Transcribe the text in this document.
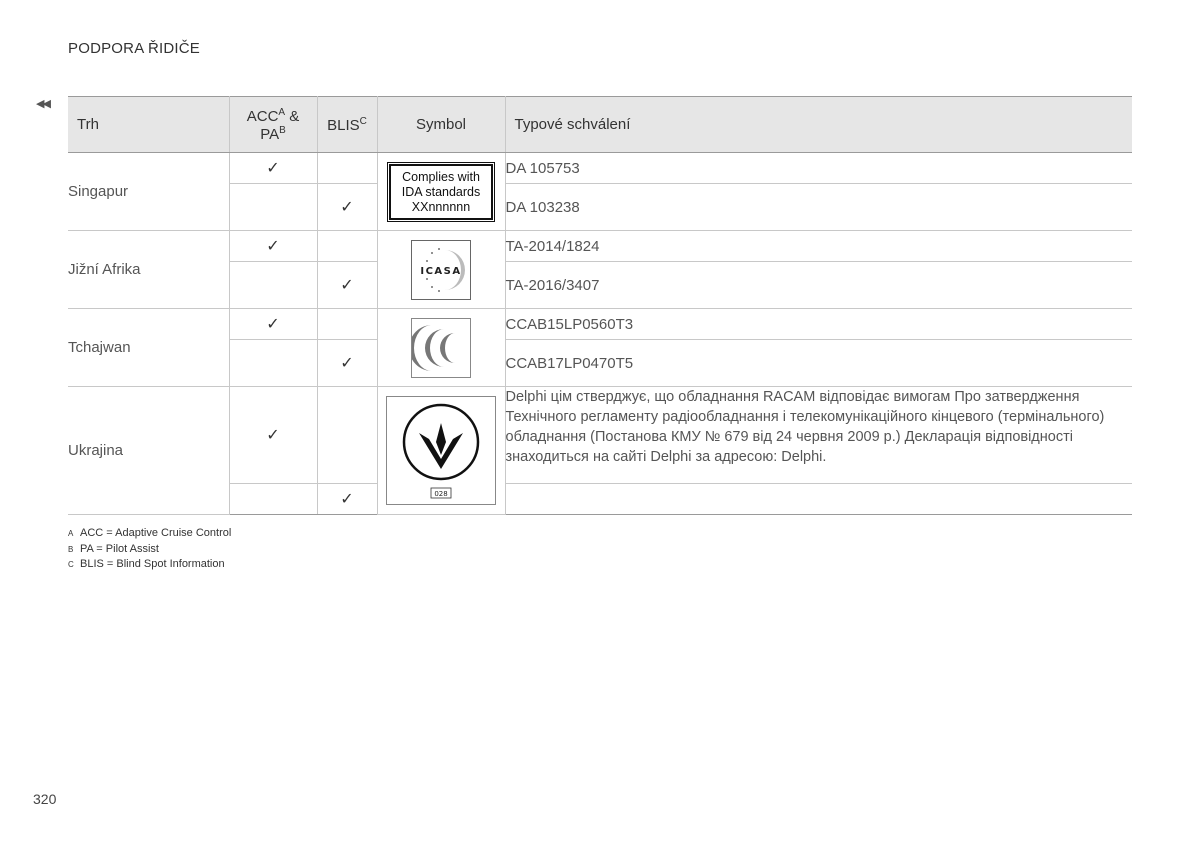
PODPORA ŘIDIČE
◀◀
Trh	$ACC^A$ &
$PA^B$	$BLIS^C$	Symbol	Typové schválení
Singapur	✓		Complies with
IDA standards
XXnnnnnn	DA 105753
		✓		DA 103238
Jižní Afrika	✓		ICASA	TA-2014/1824
		✓		TA-2016/3407
Tchajwan	✓			CCAB15LP0560T3
		✓		CCAB17LP0470T5
Ukrajina	✓		028	Delphi цім стверджує, що обладнання RACAM відповідає вимогам Про затвердження Технічного регламенту радіообладнання і телекомунікаційного кінцевого (термінального) обладнання (Постанова КМУ № 679 від 24 червня 2009 р.) Декларація відповідності знаходиться на сайті Delphi за адресою: Delphi.
		✓		
A ACC = Adaptive Cruise Control
B PA = Pilot Assist
C BLIS = Blind Spot Information
320
